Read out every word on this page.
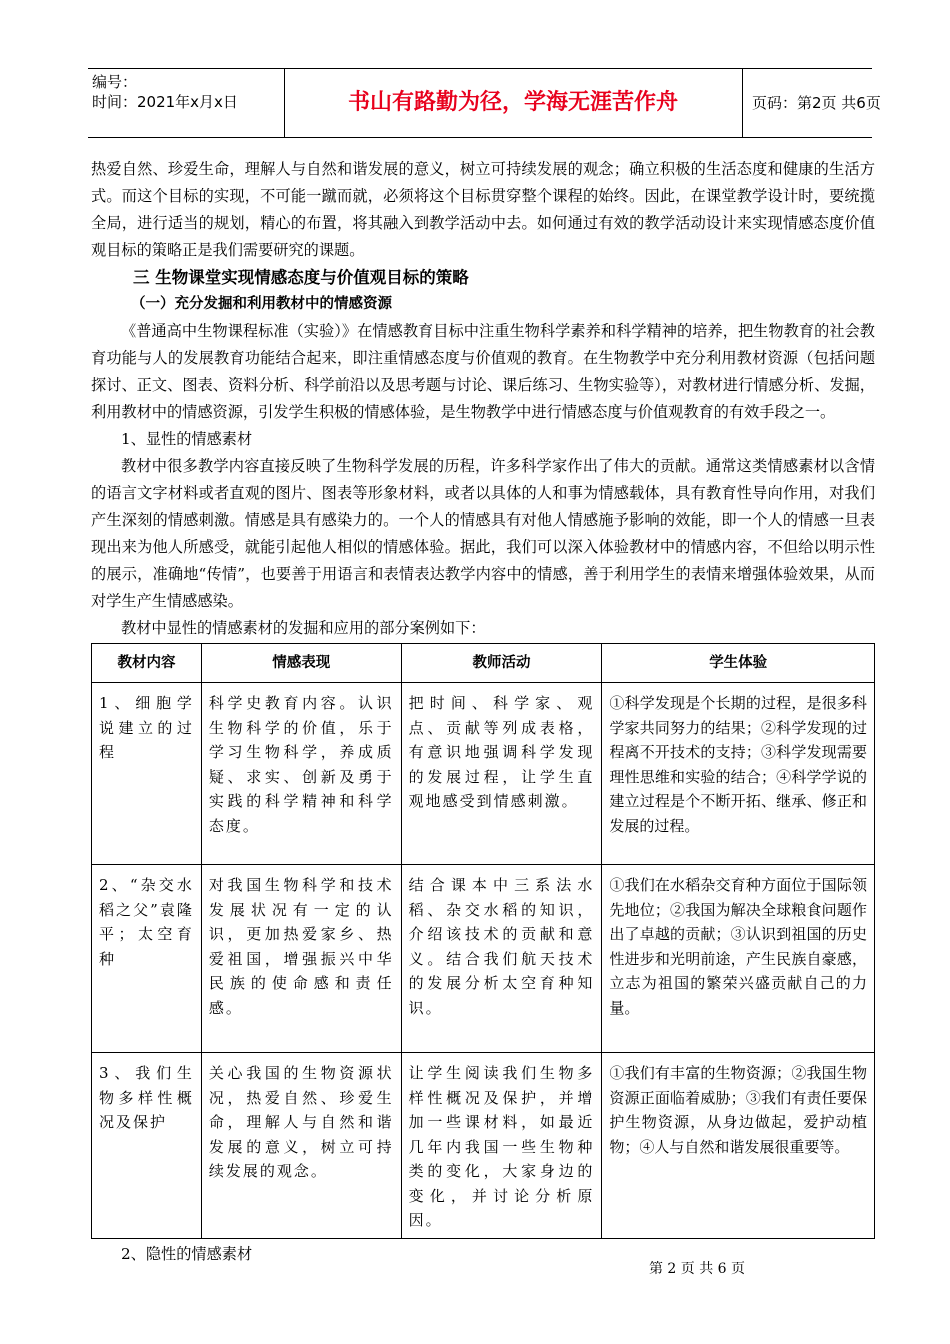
编号：
时间：2021年x月x日	书山有路勤为径，学海无涯苦作舟	页码：第2页 共6页

热爱自然、珍爱生命，理解人与自然和谐发展的意义，树立可持续发展的观念；确立积极的生活态度和健康的生活方式。而这个目标的实现，不可能一蹴而就，必须将这个目标贯穿整个课程的始终。因此，在课堂教学设计时，要统揽全局，进行适当的规划，精心的布置，将其融入到教学活动中去。如何通过有效的教学活动设计来实现情感态度价值观目标的策略正是我们需要研究的课题。

三 生物课堂实现情感态度与价值观目标的策略

（一）充分发掘和利用教材中的情感资源

《普通高中生物课程标准（实验）》在情感教育目标中注重生物科学素养和科学精神的培养，把生物教育的社会教育功能与人的发展教育功能结合起来，即注重情感态度与价值观的教育。在生物教学中充分利用教材资源（包括问题探讨、正文、图表、资料分析、科学前沿以及思考题与讨论、课后练习、生物实验等），对教材进行情感分析、发掘，利用教材中的情感资源，引发学生积极的情感体验，是生物教学中进行情感态度与价值观教育的有效手段之一。

1、显性的情感素材

教材中很多教学内容直接反映了生物科学发展的历程，许多科学家作出了伟大的贡献。通常这类情感素材以含情的语言文字材料或者直观的图片、图表等形象材料，或者以具体的人和事为情感载体，具有教育性导向作用，对我们产生深刻的情感刺激。情感是具有感染力的。一个人的情感具有对他人情感施予影响的效能，即一个人的情感一旦表现出来为他人所感受，就能引起他人相似的情感体验。据此，我们可以深入体验教材中的情感内容，不但给以明示性的展示，准确地“传情”，也要善于用语言和表情表达教学内容中的情感，善于利用学生的表情来增强体验效果，从而对学生产生情感感染。

教材中显性的情感素材的发掘和应用的部分案例如下：

教材内容	情感表现	教师活动	学生体验
1、细胞学说建立的过程	科学史教育内容。认识生物科学的价值，乐于学习生物科学，养成质疑、求实、创新及勇于实践的科学精神和科学态度。	把时间、科学家、观点、贡献等列成表格，有意识地强调科学发现的发展过程，让学生直观地感受到情感刺激。	①科学发现是个长期的过程，是很多科学家共同努力的结果；②科学发现的过程离不开技术的支持；③科学发现需要理性思维和实验的结合；④科学学说的建立过程是个不断开拓、继承、修正和发展的过程。
2、“杂交水稻之父”袁隆平；太空育种	对我国生物科学和技术发展状况有一定的认识，更加热爱家乡、热爱祖国，增强振兴中华民族的使命感和责任感。	结合课本中三系法水稻、杂交水稻的知识，介绍该技术的贡献和意义。结合我们航天技术的发展分析太空育种知识。	①我们在水稻杂交育种方面位于国际领先地位；②我国为解决全球粮食问题作出了卓越的贡献；③认识到祖国的历史性进步和光明前途，产生民族自豪感，立志为祖国的繁荣兴盛贡献自己的力量。
3、我们生物多样性概况及保护	关心我国的生物资源状况，热爱自然、珍爱生命，理解人与自然和谐发展的意义，树立可持续发展的观念。	让学生阅读我们生物多样性概况及保护，并增加一些课材料，如最近几年内我国一些生物种类的变化，大家身边的变化，并讨论分析原因。	①我们有丰富的生物资源；②我国生物资源正面临着威胁；③我们有责任要保护生物资源，从身边做起，爱护动植物；④人与自然和谐发展很重要等。

2、隐性的情感素材

第 2 页 共 6 页
